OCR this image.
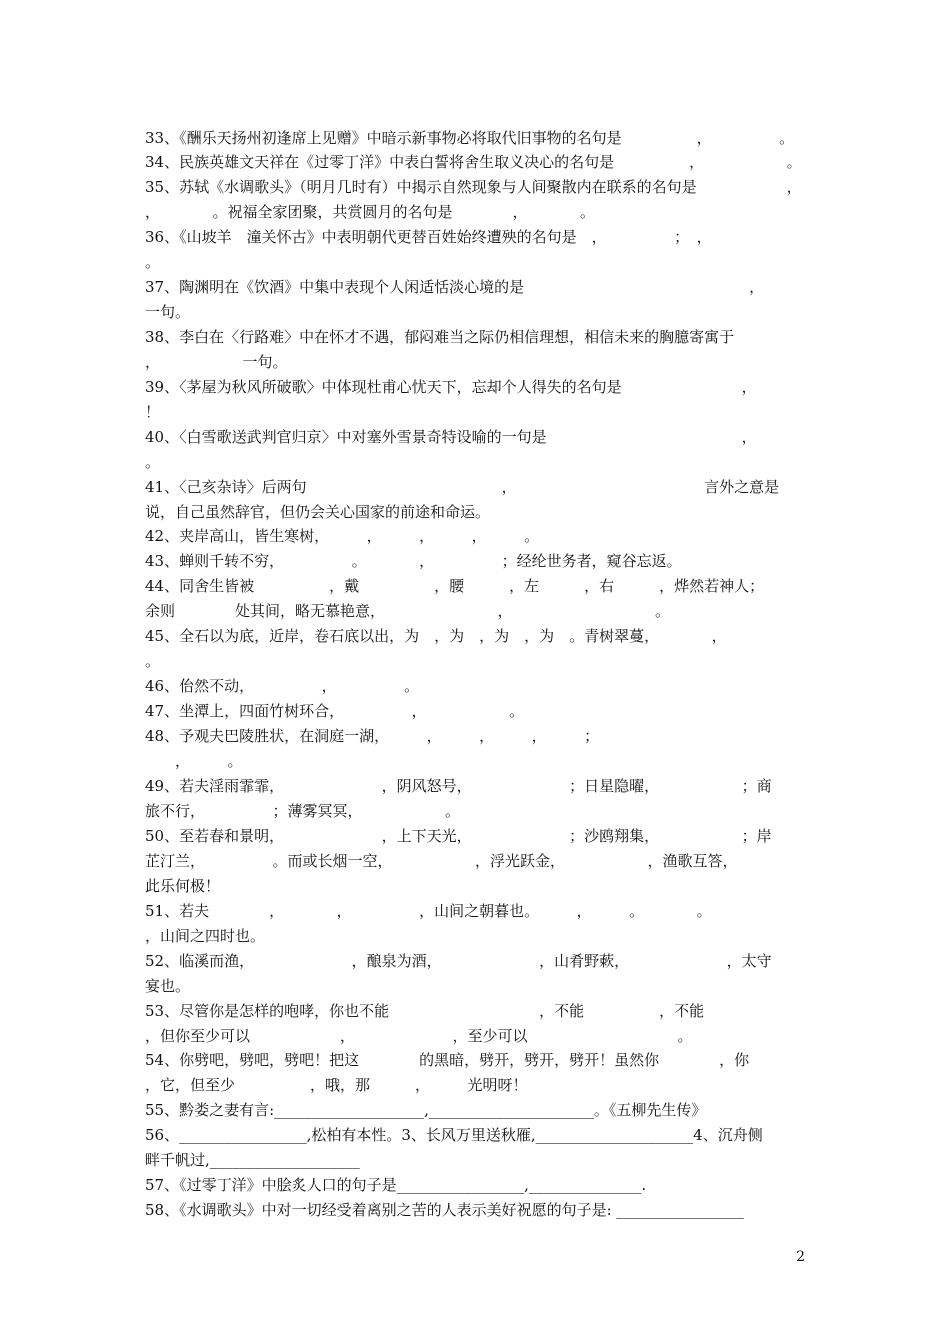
33、《酬乐天扬州初逢席上见赠》中暗示新事物必将取代旧事物的名句是　　　　　，　　　　　。
34、民族英雄文天祥在《过零丁洋》中表白誓将舍生取义决心的名句是　　　　　，　　　　　　。
35、苏轼《水调歌头》（明月几时有）中揭示自然现象与人间聚散内在联系的名句是　　　　　　，
，　　　　。祝福全家团聚，共赏圆月的名句是　　　　，　　　　。
36、《山坡羊　潼关怀古》中表明朝代更替百姓始终遭殃的名句是　，　　　　　；　，
。
37、陶渊明在《饮酒》中集中表现个人闲适恬淡心境的是　　　　　　　　　　　　　　　，
一句。
38、李白在〈行路难〉中在怀才不遇，郁闷难当之际仍相信理想，相信未来的胸臆寄寓于
，　　　　　　一句。
39、〈茅屋为秋风所破歌〉中体现杜甫心忧天下，忘却个人得失的名句是　　　　　　　　，
！
40、〈白雪歌送武判官归京〉中对塞外雪景奇特设喻的一句是　　　　　　　　　　　　　，
。
41、〈己亥杂诗〉后两句　　　　　　　　　　　　　，　　　　　　　　　　　　　言外之意是
说，自己虽然辞官，但仍会关心国家的前途和命运。
42、夹岸高山，皆生寒树，　　　，　　　，　　　，　　　。
43、蝉则千转不穷，　　　　　。　　　　，　　　　　；经纶世务者，窥谷忘返。
44、同舍生皆被　　　　　，戴　　　　　，腰　　　，左　　　，右　　　，烨然若神人；
余则　　　　处其间，略无慕艳意，　　　　　　　　，　　　　　　　　　　。
45、全石以为底，近岸，卷石底以出，为　，为　，为　，为　。青树翠蔓，　　　　，
。
46、佁然不动，　　　　　，　　　　　。
47、坐潭上，四面竹树环合，　　　　　，　　　　　　。
48、予观夫巴陵胜状，在洞庭一湖，　　　，　　　，　　　，　　　；
　　，　　　。
49、若夫淫雨霏霏，　　　　　　　，阴风怒号，　　　　　　　；日星隐曜，　　　　　　；商
旅不行，　　　　　；薄雾冥冥，　　　　　　。
50、至若春和景明，　　　　　　　，上下天光，　　　　　　　；沙鸥翔集，　　　　　　；岸
芷汀兰，　　　　　。而或长烟一空，　　　　　　，浮光跃金，　　　　　　，渔歌互答，
此乐何极！
51、若夫　　　　，　　　　，　　　　　，山间之朝暮也。　　　，　　　。　　　　。
，山间之四时也。
52、临溪而渔，　　　　　　　，酿泉为酒，　　　　　　　，山肴野蔌，　　　　　　　，太守
宴也。
53、尽管你是怎样的咆哮，你也不能　　　　　　　　　　，不能　　　　　，不能
，但你至少可以　　　　　　，　　　　　　　，至少可以　　　　　　　　　　。
54、你劈吧，劈吧，劈吧！把这　　　　的黑暗，劈开，劈开，劈开！虽然你　　　　，你
，它，但至少　　　　　，哦，那　　　，　　　光明呀！
55、黔娄之妻有言:____________________,______________________。《五柳先生传》
56、_________________,松柏有本性。3、长风万里送秋雁,_____________________4、沉舟侧
畔千帆过,____________________
57、《过零丁洋》中脍炙人口的句子是_________________,_______________.
58、《水调歌头》中对一切经受着离别之苦的人表示美好祝愿的句子是: _________________
2
